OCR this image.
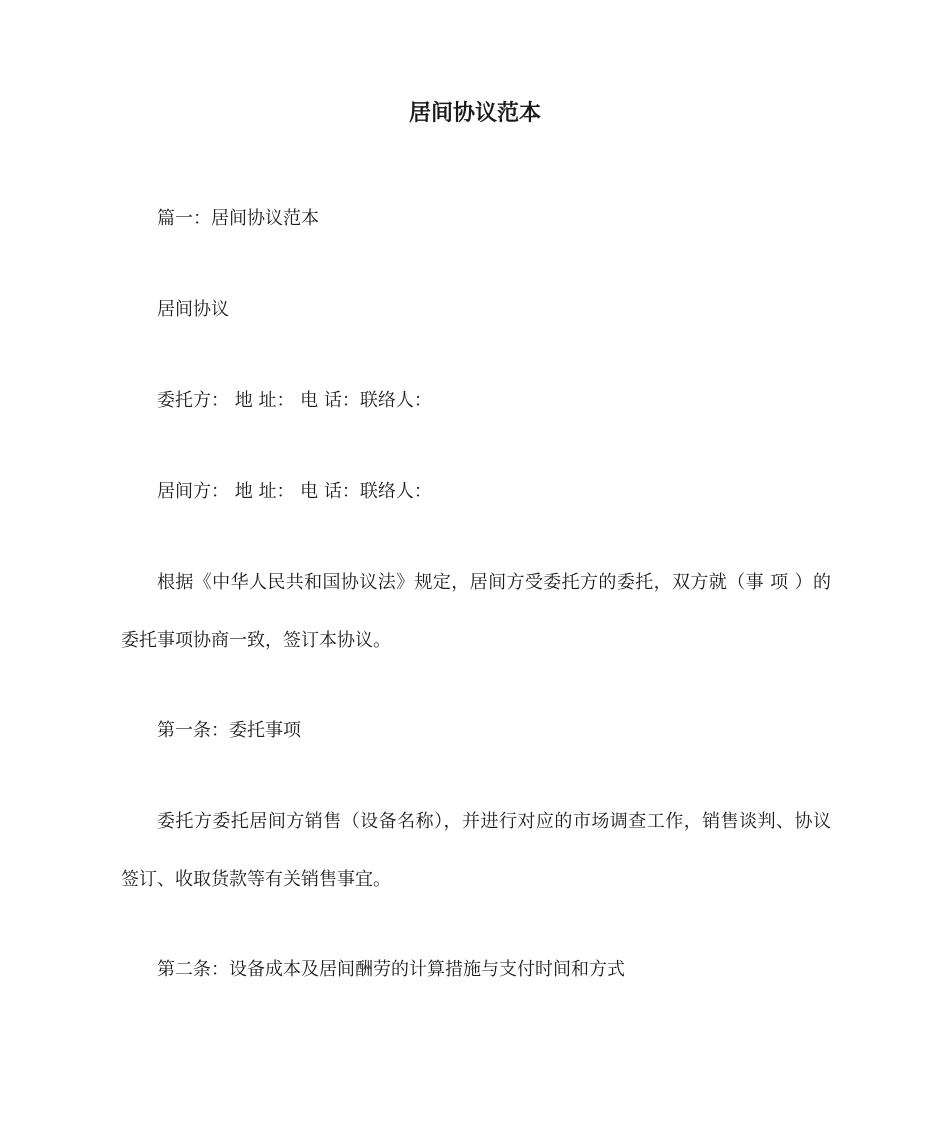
居间协议范本
篇一：居间协议范本
居间协议
委托方： 地 址： 电 话：联络人：
居间方： 地 址： 电 话：联络人：
根据《中华人民共和国协议法》规定，居间方受委托方的委托，双方就（事 项 ）的委托事项协商一致，签订本协议。
第一条：委托事项
委托方委托居间方销售（设备名称），并进行对应的市场调查工作，销售谈判、协议签订、收取货款等有关销售事宜。
第二条：设备成本及居间酬劳的计算措施与支付时间和方式
